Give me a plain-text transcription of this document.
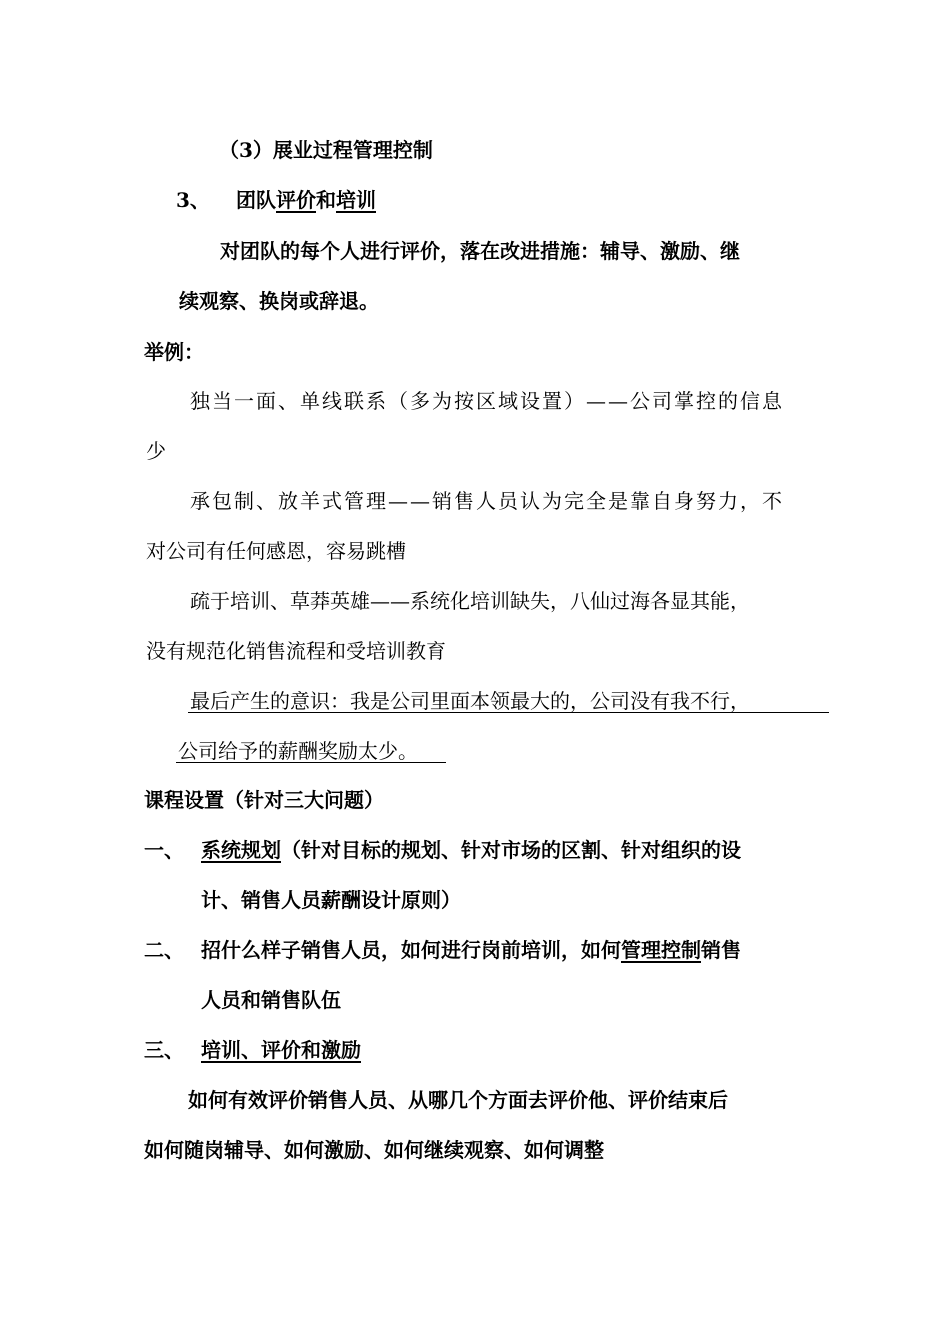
（3）展业过程管理控制
3、 团队评价和培训
对团队的每个人进行评价，落在改进措施：辅导、激励、继
续观察、换岗或辞退。
举例：
独当一面、单线联系（多为按区域设置）——公司掌控的信息
少
承包制、放羊式管理——销售人员认为完全是靠自身努力，不
对公司有任何感恩，容易跳槽
疏于培训、草莽英雄——系统化培训缺失，八仙过海各显其能，
没有规范化销售流程和受培训教育
最后产生的意识：我是公司里面本领最大的，公司没有我不行，
公司给予的薪酬奖励太少。
课程设置（针对三大问题）
一、 系统规划（针对目标的规划、针对市场的区割、针对组织的设
计、销售人员薪酬设计原则）
二、 招什么样子销售人员，如何进行岗前培训，如何管理控制销售
人员和销售队伍
三、 培训、评价和激励
如何有效评价销售人员、从哪几个方面去评价他、评价结束后
如何随岗辅导、如何激励、如何继续观察、如何调整
